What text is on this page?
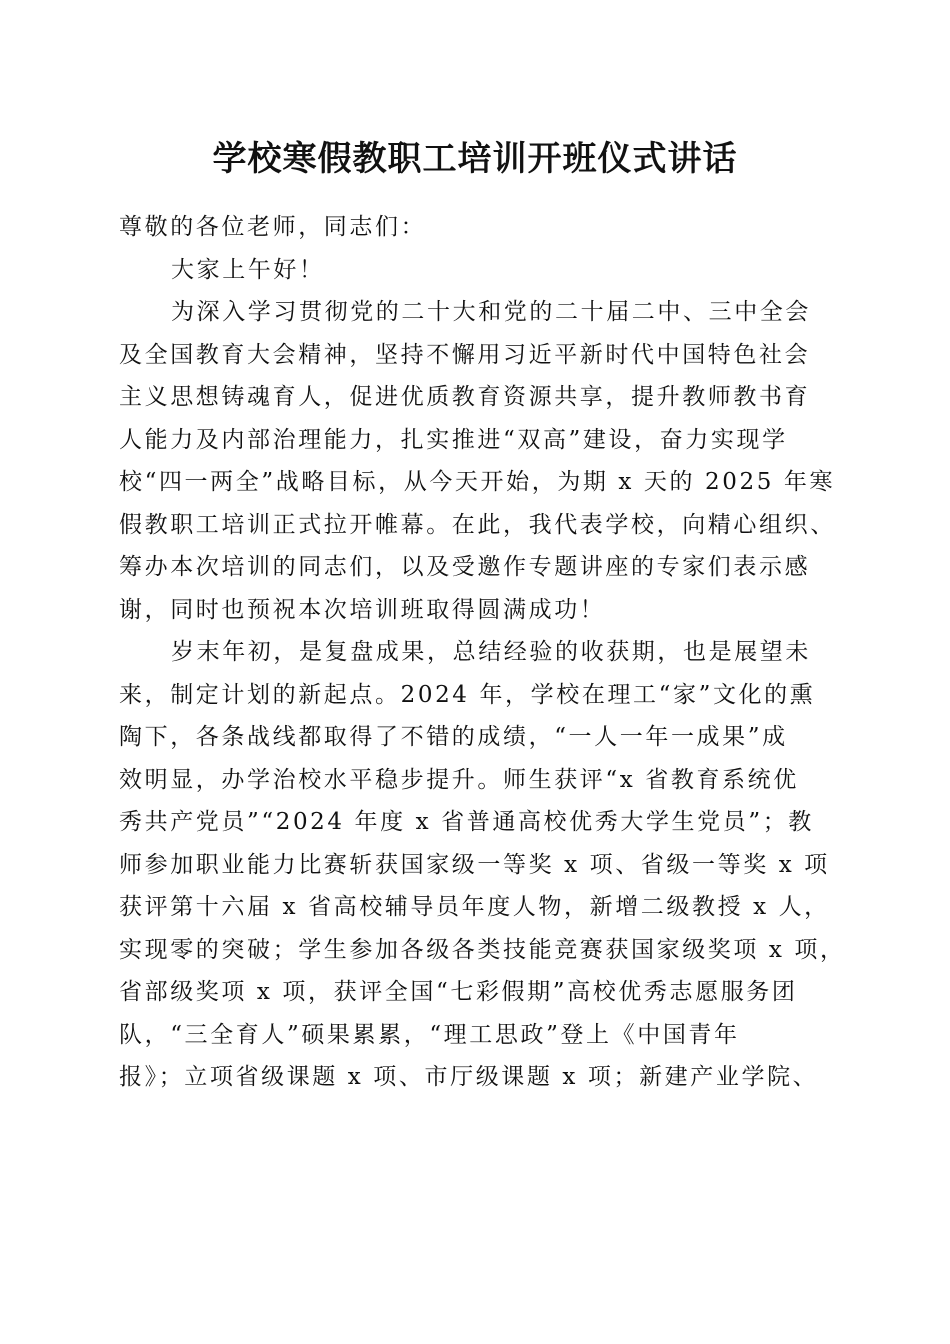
学校寒假教职工培训开班仪式讲话
尊敬的各位老师，同志们：
大家上午好！
为深入学习贯彻党的二十大和党的二十届二中、三中全会
及全国教育大会精神，坚持不懈用习近平新时代中国特色社会
主义思想铸魂育人，促进优质教育资源共享，提升教师教书育
人能力及内部治理能力，扎实推进“双高”建设，奋力实现学
校“四一两全”战略目标，从今天开始，为期 x 天的 2025 年寒
假教职工培训正式拉开帷幕。在此，我代表学校，向精心组织、
筹办本次培训的同志们，以及受邀作专题讲座的专家们表示感
谢，同时也预祝本次培训班取得圆满成功！
岁末年初，是复盘成果，总结经验的收获期，也是展望未
来，制定计划的新起点。2024 年，学校在理工“家”文化的熏
陶下，各条战线都取得了不错的成绩，“一人一年一成果”成
效明显，办学治校水平稳步提升。师生获评“x 省教育系统优
秀共产党员”“2024 年度 x 省普通高校优秀大学生党员”；教
师参加职业能力比赛斩获国家级一等奖 x 项、省级一等奖 x 项
获评第十六届 x 省高校辅导员年度人物，新增二级教授 x 人，
实现零的突破；学生参加各级各类技能竞赛获国家级奖项 x 项，
省部级奖项 x 项，获评全国“七彩假期”高校优秀志愿服务团
队，“三全育人”硕果累累，“理工思政”登上《中国青年
报》；立项省级课题 x 项、市厅级课题 x 项；新建产业学院、
